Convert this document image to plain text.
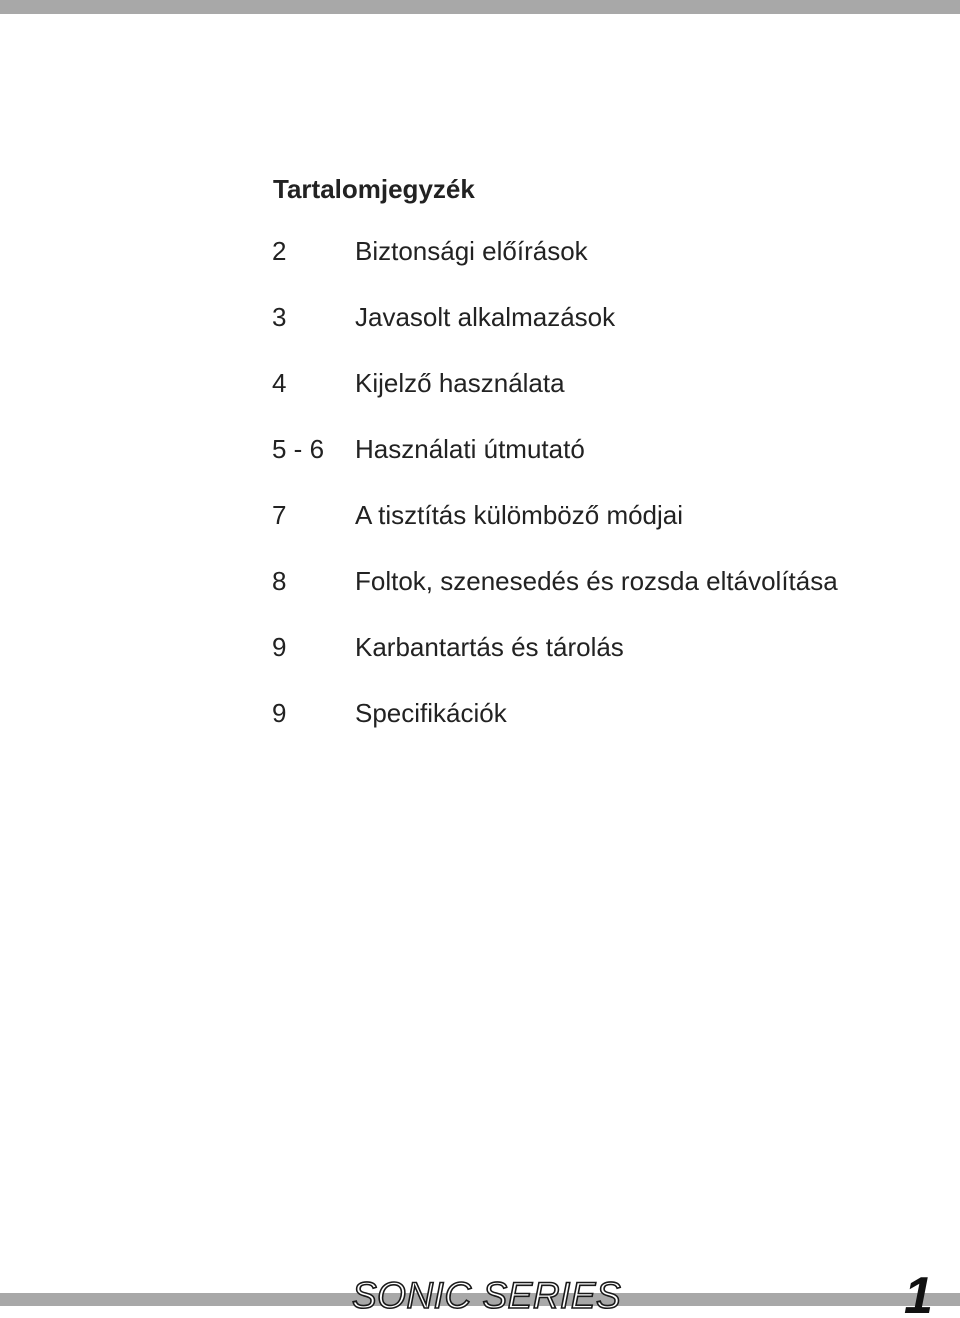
Tartalomjegyzék
2	Biztonsági előírások
3	Javasolt alkalmazások
4	Kijelző használata
5 - 6	Használati útmutató
7	A tisztítás külömböző módjai
8	Foltok, szenesedés és rozsda eltávolítása
9	Karbantartás és tárolás
9	Specifikációk
SONIC SERIES	1
